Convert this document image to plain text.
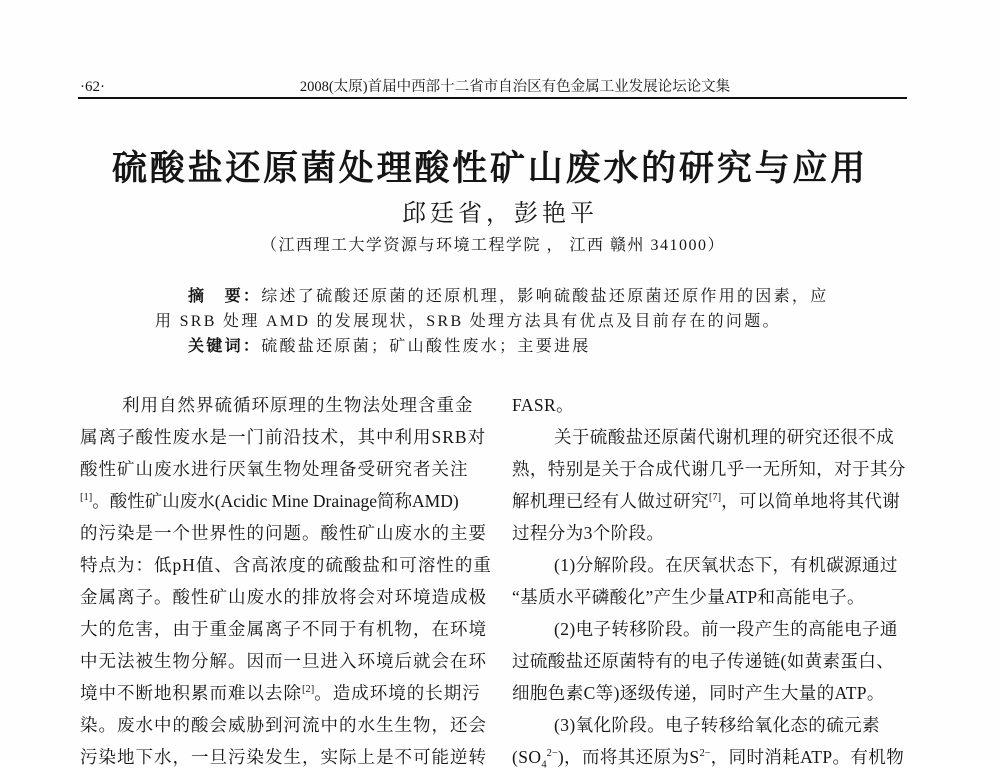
·62·	2008(太原)首届中西部十二省市自治区有色金属工业发展论坛论文集
硫酸盐还原菌处理酸性矿山废水的研究与应用
邱廷省，彭艳平
（江西理工大学资源与环境工程学院 ， 江西 赣州 341000）
摘 要：综述了硫酸还原菌的还原机理，影响硫酸盐还原菌还原作用的因素，应
用 SRB 处理 AMD 的发展现状，SRB 处理方法具有优点及目前存在的问题。
关键词：硫酸盐还原菌；矿山酸性废水；主要进展
利用自然界硫循环原理的生物法处理含重金
属离子酸性废水是一门前沿技术，其中利用SRB对
酸性矿山废水进行厌氧生物处理备受研究者关注
[1]。酸性矿山废水(Acidic Mine Drainage简称AMD)
的污染是一个世界性的问题。酸性矿山废水的主要
特点为：低pH值、含高浓度的硫酸盐和可溶性的重
金属离子。酸性矿山废水的排放将会对环境造成极
大的危害，由于重金属离子不同于有机物，在环境
中无法被生物分解。因而一旦进入环境后就会在环
境中不断地积累而难以去除[2]。造成环境的长期污
染。废水中的酸会威胁到河流中的水生生物，还会
污染地下水，一旦污染发生，实际上是不可能逆转
FASR。
关于硫酸盐还原菌代谢机理的研究还很不成
熟，特别是关于合成代谢几乎一无所知，对于其分
解机理已经有人做过研究[7]，可以简单地将其代谢
过程分为3个阶段。
(1)分解阶段。在厌氧状态下，有机碳源通过
“基质水平磷酸化”产生少量ATP和高能电子。
(2)电子转移阶段。前一段产生的高能电子通
过硫酸盐还原菌特有的电子传递链(如黄素蛋白、
细胞色素C等)逐级传递，同时产生大量的ATP。
(3)氧化阶段。电子转移给氧化态的硫元素
$(SO_4^{2-})$，而将其还原为$S^{2-}$，同时消耗ATP。有机物
